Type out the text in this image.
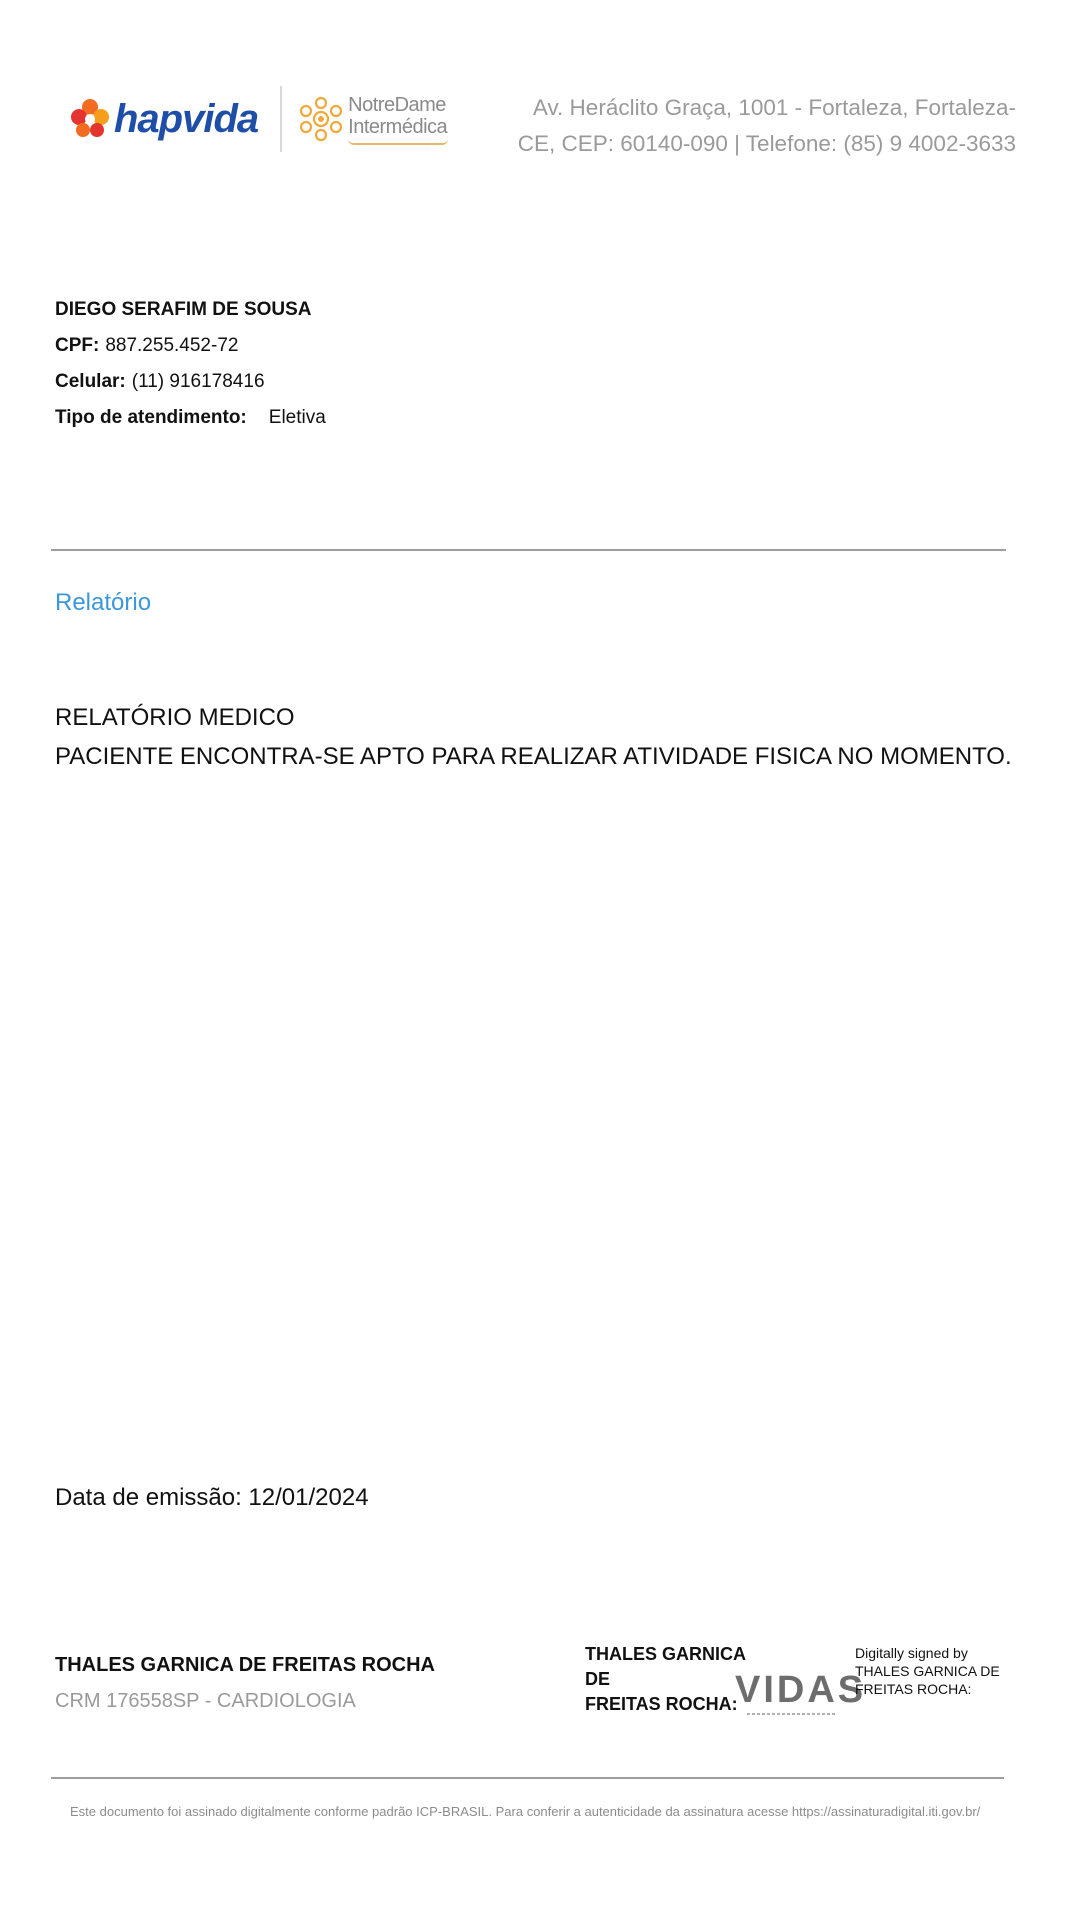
hapvida	NotreDame
Intermédica
Av. Heráclito Graça, 1001 - Fortaleza, Fortaleza-
CE, CEP: 60140-090 | Telefone: (85) 9 4002-3633
DIEGO SERAFIM DE SOUSA
CPF: 887.255.452-72
Celular: (11) 916178416
Tipo de atendimento: Eletiva
Relatório
RELATÓRIO MEDICO
PACIENTE ENCONTRA-SE APTO PARA REALIZAR ATIVIDADE FISICA NO MOMENTO.
Data de emissão: 12/01/2024
THALES GARNICA DE FREITAS ROCHA
CRM 176558SP - CARDIOLOGIA
THALES GARNICA DE
FREITAS ROCHA:
VIDAS
Digitally signed by
THALES GARNICA DE
FREITAS ROCHA:
Este documento foi assinado digitalmente conforme padrão ICP-BRASIL. Para conferir a autenticidade da assinatura acesse https://assinaturadigital.iti.gov.br/
